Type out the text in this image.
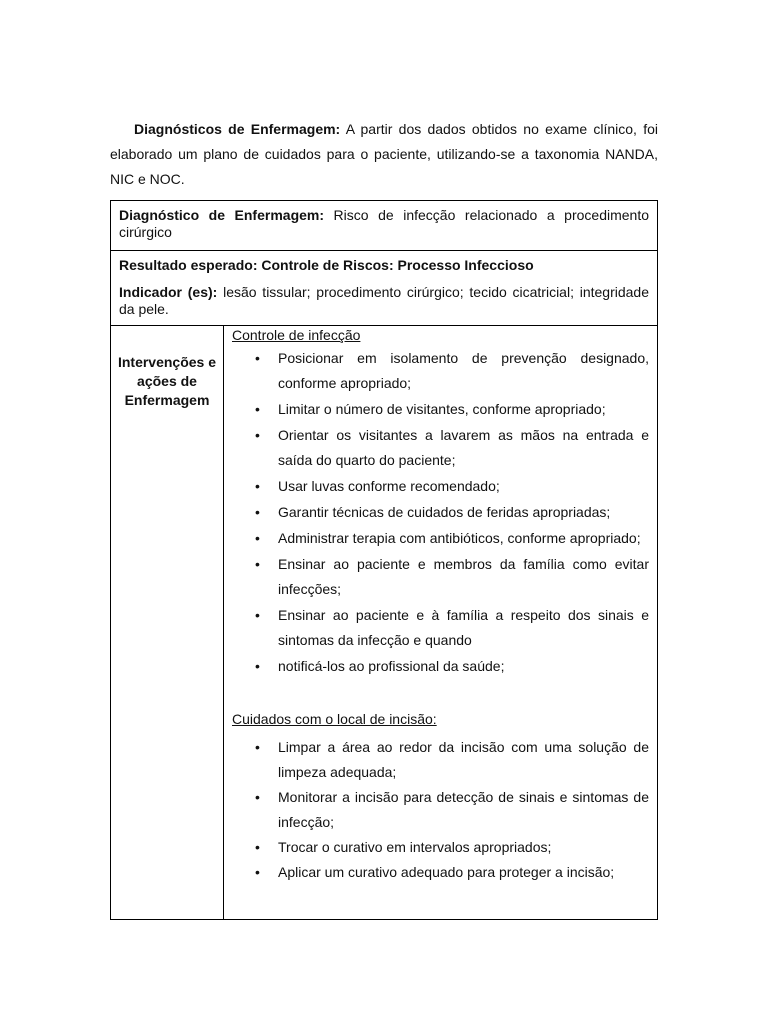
Diagnósticos de Enfermagem: A partir dos dados obtidos no exame clínico, foi elaborado um plano de cuidados para o paciente, utilizando-se a taxonomia NANDA, NIC e NOC.

Diagnóstico de Enfermagem: Risco de infecção relacionado a procedimento cirúrgico

Resultado esperado: Controle de Riscos: Processo Infeccioso

Indicador (es): lesão tissular; procedimento cirúrgico; tecido cicatricial; integridade da pele.

Intervenções e ações de Enfermagem

Controle de infecção

• Posicionar em isolamento de prevenção designado, conforme apropriado;
• Limitar o número de visitantes, conforme apropriado;
• Orientar os visitantes a lavarem as mãos na entrada e saída do quarto do paciente;
• Usar luvas conforme recomendado;
• Garantir técnicas de cuidados de feridas apropriadas;
• Administrar terapia com antibióticos, conforme apropriado;
• Ensinar ao paciente e membros da família como evitar infecções;
• Ensinar ao paciente e à família a respeito dos sinais e sintomas da infecção e quando
• notificá-los ao profissional da saúde;

Cuidados com o local de incisão:

• Limpar a área ao redor da incisão com uma solução de limpeza adequada;
• Monitorar a incisão para detecção de sinais e sintomas de infecção;
• Trocar o curativo em intervalos apropriados;
• Aplicar um curativo adequado para proteger a incisão;
